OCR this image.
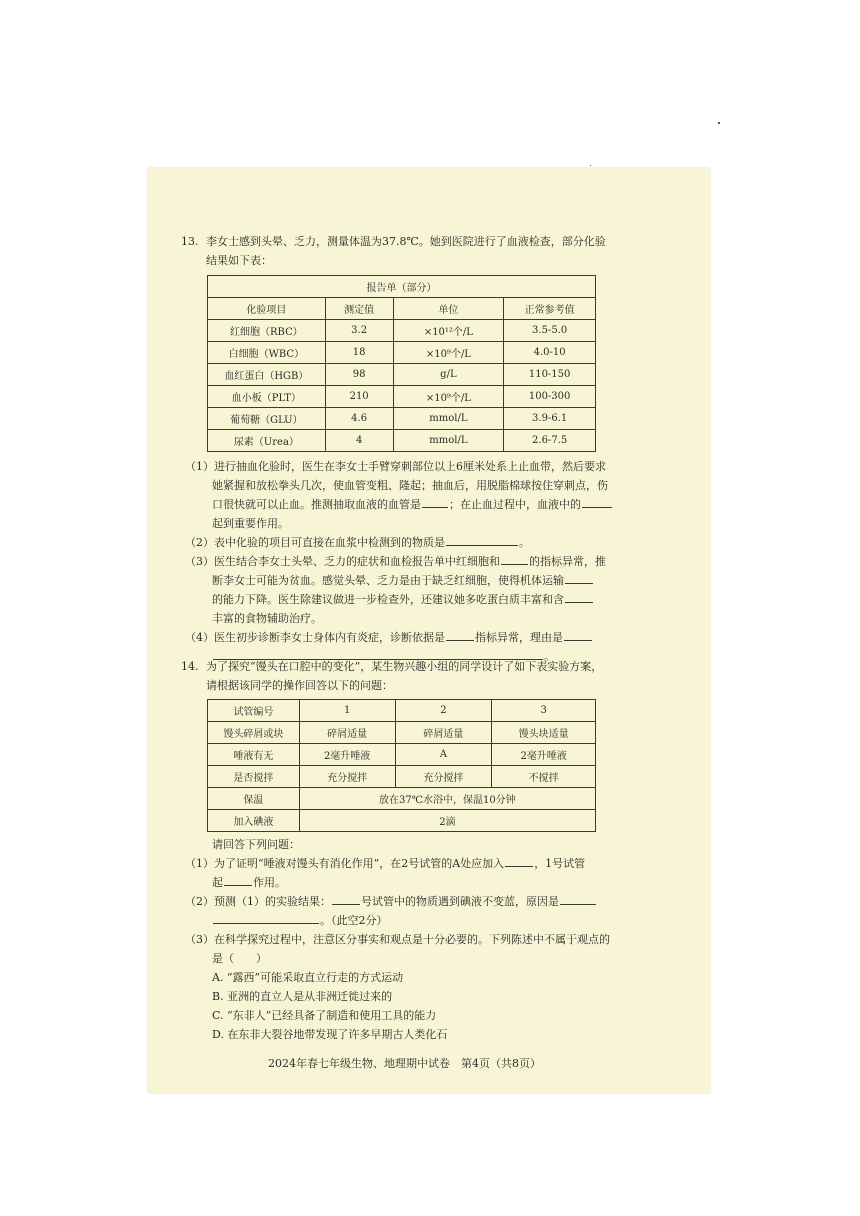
13. 李女士感到头晕、乏力，测量体温为37.8℃。她到医院进行了血液检查，部分化验
结果如下表：
报告单（部分）			
化验项目	测定值	单位	正常参考值
红细胞（RBC）	3.2	×10¹²个/L	3.5-5.0
白细胞（WBC）	18	×10⁹个/L	4.0-10
血红蛋白（HGB）	98	g/L	110-150
血小板（PLT）	210	×10⁹个/L	100-300
葡萄糖（GLU）	4.6	mmol/L	3.9-6.1
尿素（Urea）	4	mmol/L	2.6-7.5
（1）进行抽血化验时，医生在李女士手臂穿刺部位以上6厘米处系上止血带，然后要求
她紧握和放松拳头几次，使血管变粗、隆起；抽血后，用脱脂棉球按住穿刺点，伤
口很快就可以止血。推测抽取血液的血管是	；在止血过程中，血液中的
起到重要作用。
（2）表中化验的项目可直接在血浆中检测到的物质是	。
（3）医生结合李女士头晕、乏力的症状和血检报告单中红细胞和	的指标异常，推
断李女士可能为贫血。感觉头晕、乏力是由于缺乏红细胞，使得机体运输
的能力下降。医生除建议做进一步检查外，还建议她多吃蛋白质丰富和含
丰富的食物辅助治疗。
（4）医生初步诊断李女士身体内有炎症，诊断依据是	指标异常，理由是
。
14. 为了探究“馒头在口腔中的变化”，某生物兴趣小组的同学设计了如下表实验方案，
请根据该同学的操作回答以下的问题：
试管编号	1	2	3
馒头碎屑或块	碎屑适量	碎屑适量	馒头块适量
唾液有无	2毫升唾液	A	2毫升唾液
是否搅拌	充分搅拌	充分搅拌	不搅拌
保温	放在37℃水浴中，保温10分钟		
加入碘液	2滴		
请回答下列问题：
（1）为了证明“唾液对馒头有消化作用”，在2号试管的A处应加入	，1号试管
起	作用。
（2）预测（1）的实验结果：	号试管中的物质遇到碘液不变蓝，原因是
。（此空2分）
（3）在科学探究过程中，注意区分事实和观点是十分必要的。下列陈述中不属于观点的
是（　　）
A. “露西”可能采取直立行走的方式运动
B. 亚洲的直立人是从非洲迁徙过来的
C. “东非人”已经具备了制造和使用工具的能力
D. 在东非大裂谷地带发现了许多早期古人类化石
2024年春七年级生物、地理期中试卷　第4页（共8页）
